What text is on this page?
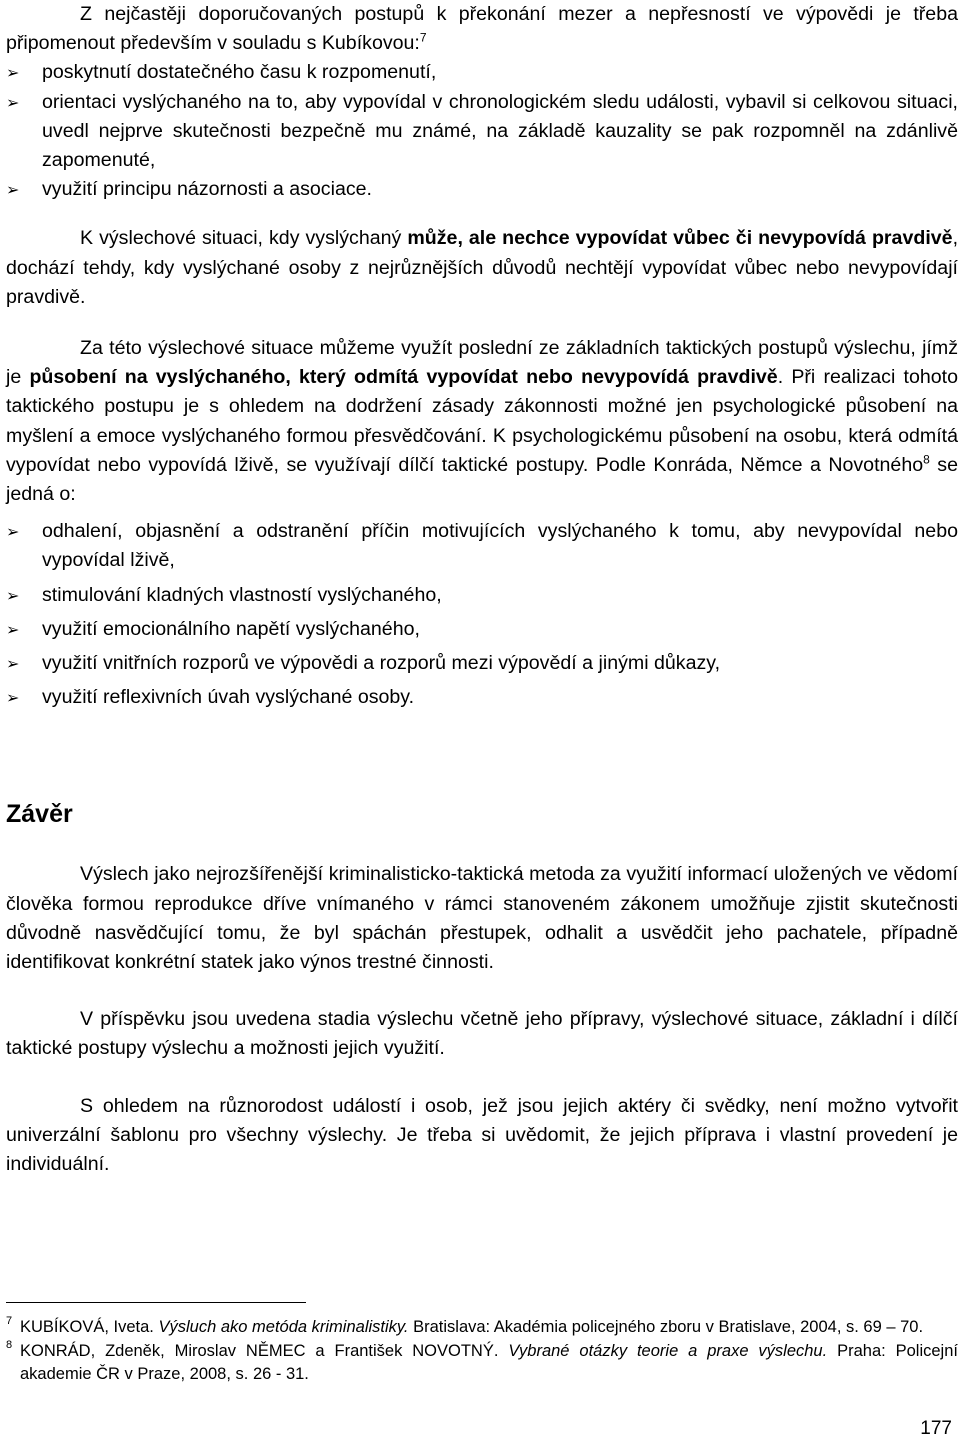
Z nejčastěji doporučovaných postupů k překonání mezer a nepřesností ve výpovědi je třeba připomenout především v souladu s Kubíkovou:$^7$

➢	poskytnutí dostatečného času k rozpomenutí,
➢	orientaci vyslýchaného na to, aby vypovídal v chronologickém sledu události, vybavil si celkovou situaci, uvedl nejprve skutečnosti bezpečně mu známé, na základě kauzality se pak rozpomněl na zdánlivě zapomenuté,
➢	využití principu názornosti a asociace.

K výslechové situaci, kdy vyslýchaný může, ale nechce vypovídat vůbec či nevypovídá pravdivě, dochází tehdy, kdy vyslýchané osoby z nejrůznějších důvodů nechtějí vypovídat vůbec nebo nevypovídají pravdivě.

Za této výslechové situace můžeme využít poslední ze základních taktických postupů výslechu, jímž je působení na vyslýchaného, který odmítá vypovídat nebo nevypovídá pravdivě. Při realizaci tohoto taktického postupu je s ohledem na dodržení zásady zákonnosti možné jen psychologické působení na myšlení a emoce vyslýchaného formou přesvědčování. K psychologickému působení na osobu, která odmítá vypovídat nebo vypovídá lživě, se využívají dílčí taktické postupy. Podle Konráda, Němce a Novotného$^8$ se jedná o:

➢	odhalení, objasnění a odstranění příčin motivujících vyslýchaného k tomu, aby nevypovídal nebo vypovídal lživě,
➢	stimulování kladných vlastností vyslýchaného,
➢	využití emocionálního napětí vyslýchaného,
➢	využití vnitřních rozporů ve výpovědi a rozporů mezi výpovědí a jinými důkazy,
➢	využití reflexivních úvah vyslýchané osoby.
Závěr

Výslech jako nejrozšířenější kriminalisticko-taktická metoda za využití informací uložených ve vědomí člověka formou reprodukce dříve vnímaného v rámci stanoveném zákonem umožňuje zjistit skutečnosti důvodně nasvědčující tomu, že byl spáchán přestupek, odhalit a usvědčit jeho pachatele, případně identifikovat konkrétní statek jako výnos trestné činnosti.

V příspěvku jsou uvedena stadia výslechu včetně jeho přípravy, výslechové situace, základní i dílčí taktické postupy výslechu a možnosti jejich využití.

S ohledem na různorodost událostí i osob, jež jsou jejich aktéry či svědky, není možno vytvořit univerzální šablonu pro všechny výslechy. Je třeba si uvědomit, že jejich příprava i vlastní provedení je individuální.

7 KUBÍKOVÁ, Iveta. Výsluch ako metóda kriminalistiky. Bratislava: Akadémia policejného zboru v Bratislave, 2004, s. 69 – 70.

8 KONRÁD, Zdeněk, Miroslav NĚMEC a František NOVOTNÝ. Vybrané otázky teorie a praxe výslechu. Praha: Policejní akademie ČR v Praze, 2008, s. 26 - 31.

177
